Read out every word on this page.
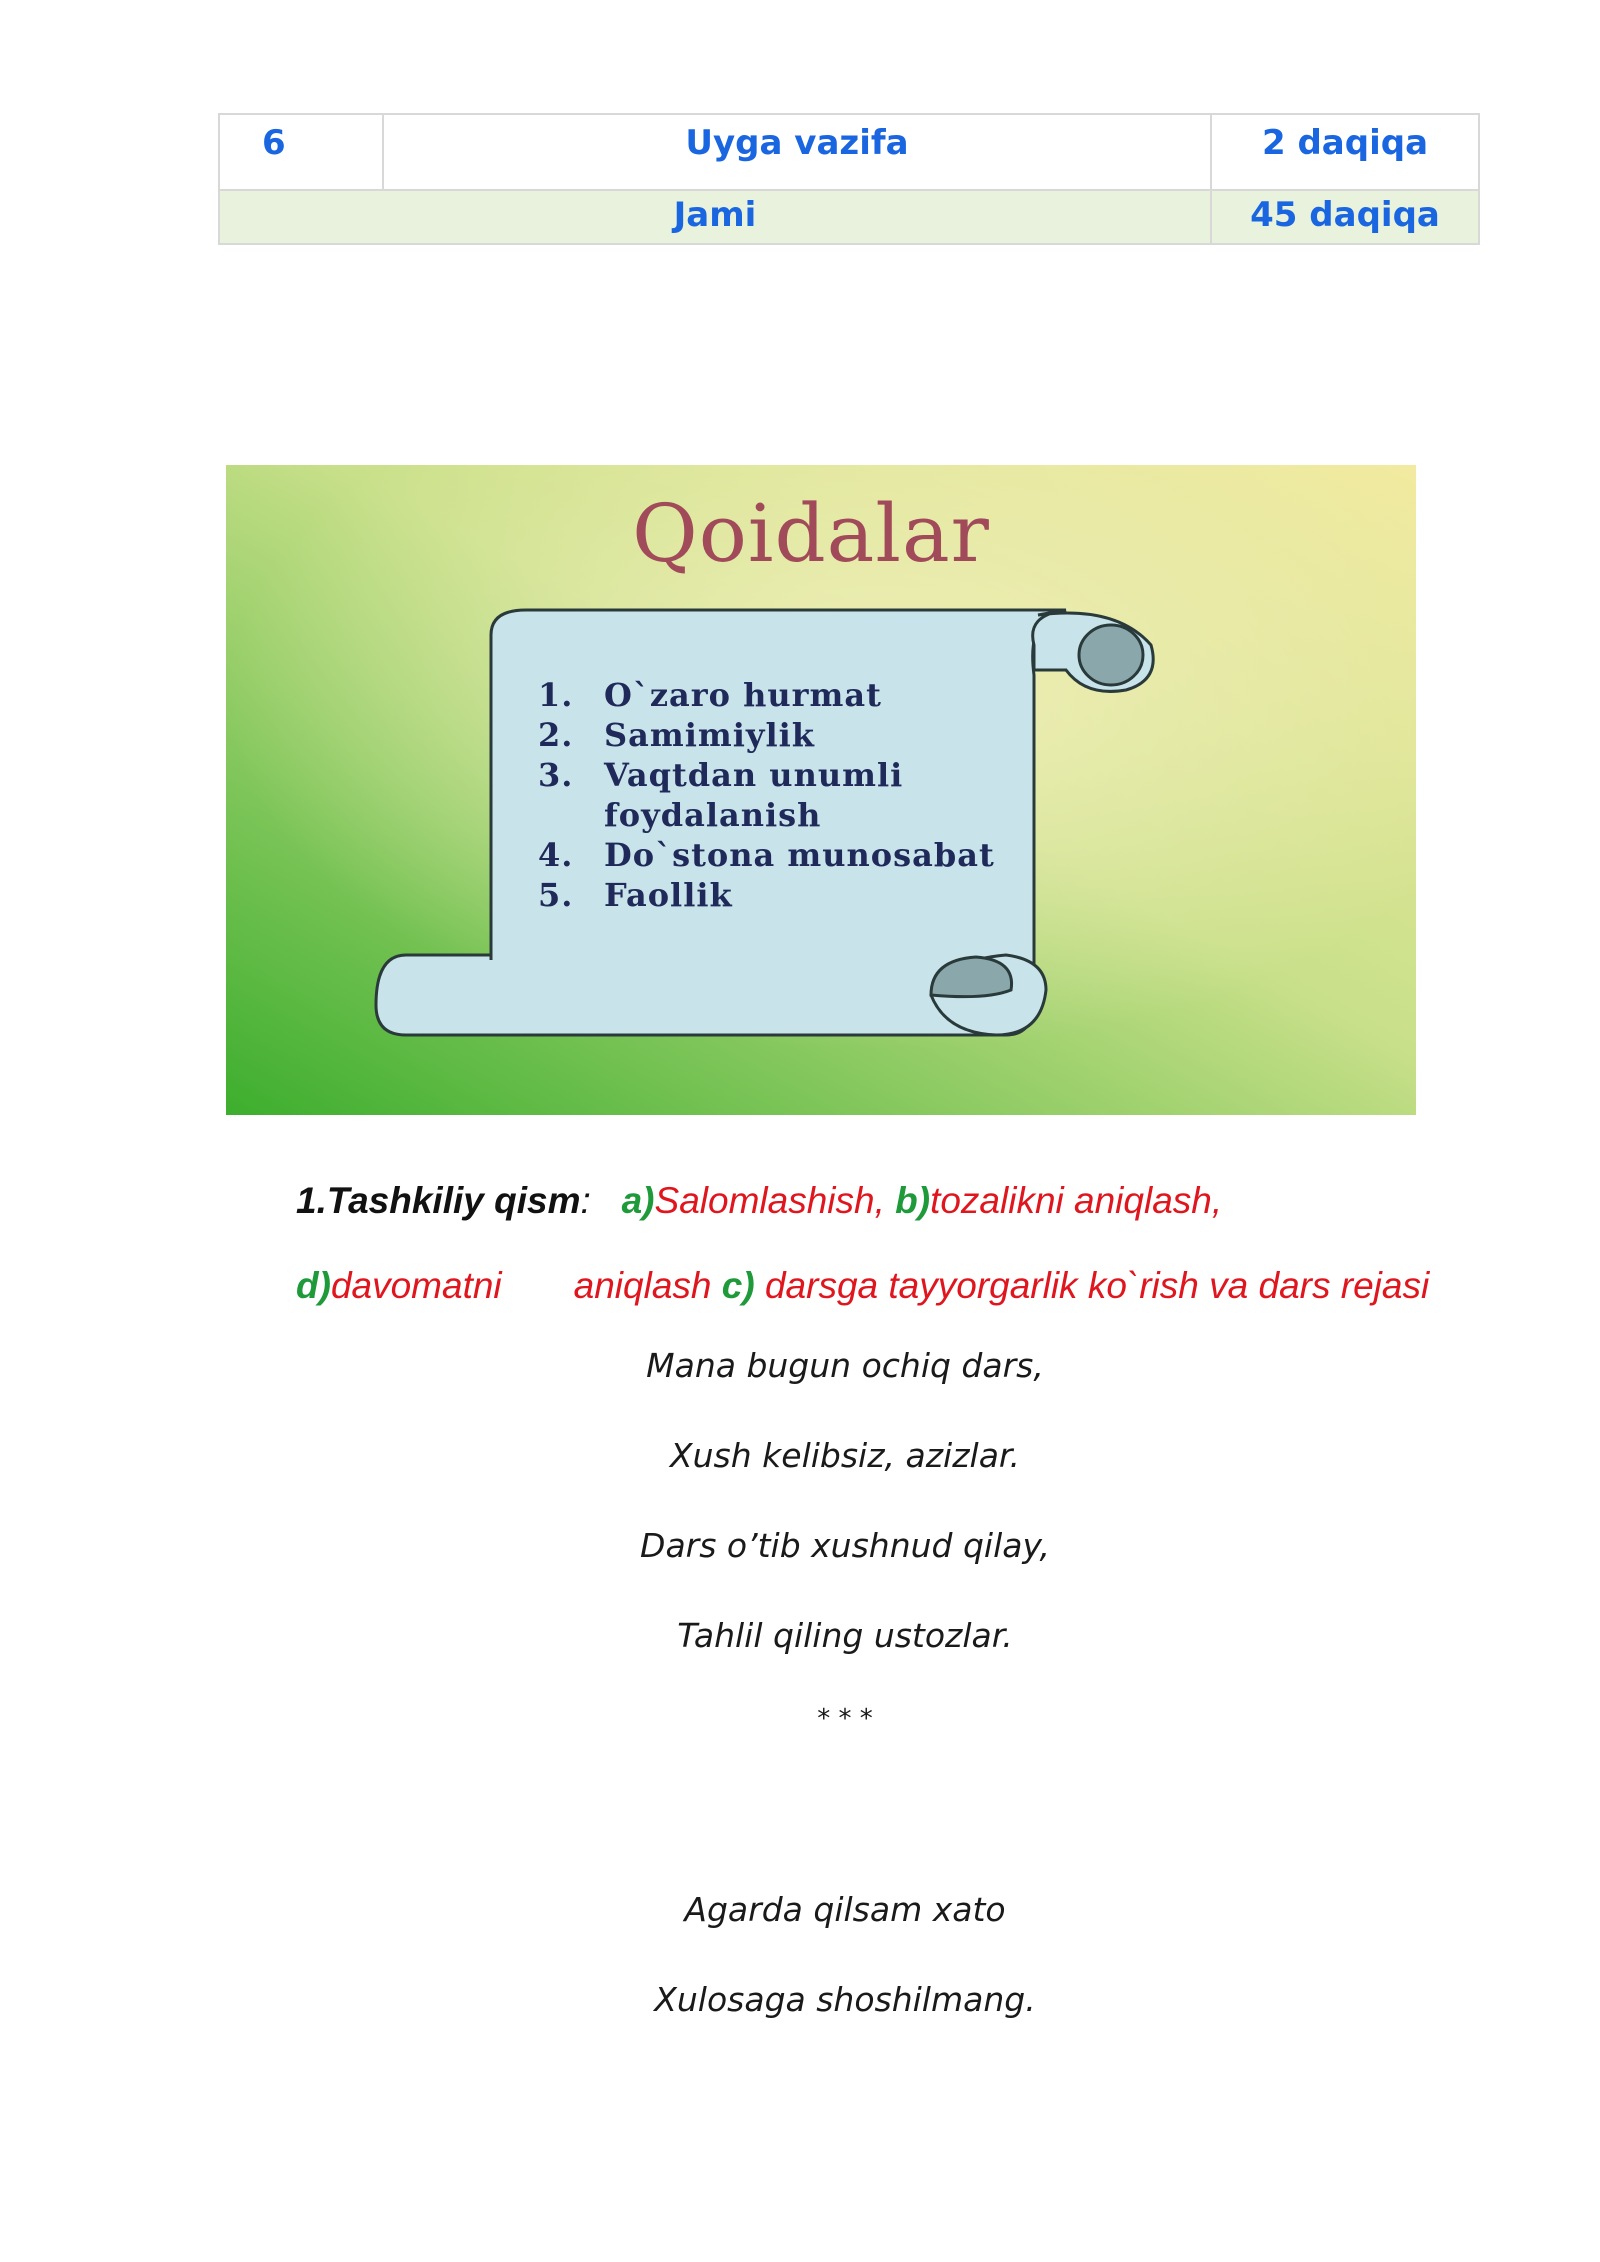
6	Uyga vazifa	2 daqiqa

Jami		45 daqiqa
Qoidalar
1. O`zaro hurmat
2. Samimiylik
3. Vaqtdan unumli foydalanish
4. Do`stona munosabat
5. Faollik
1.Tashkiliy qism: a)Salomlashish, b)tozalikni aniqlash,
d)davomatni aniqlash c) darsga tayyorgarlik ko`rish va dars rejasi
Mana bugun ochiq dars,
Xush kelibsiz, azizlar.
Dars o’tib xushnud qilay,
Tahlil qiling ustozlar.
* * *
Agarda qilsam xato
Xulosaga shoshilmang.
